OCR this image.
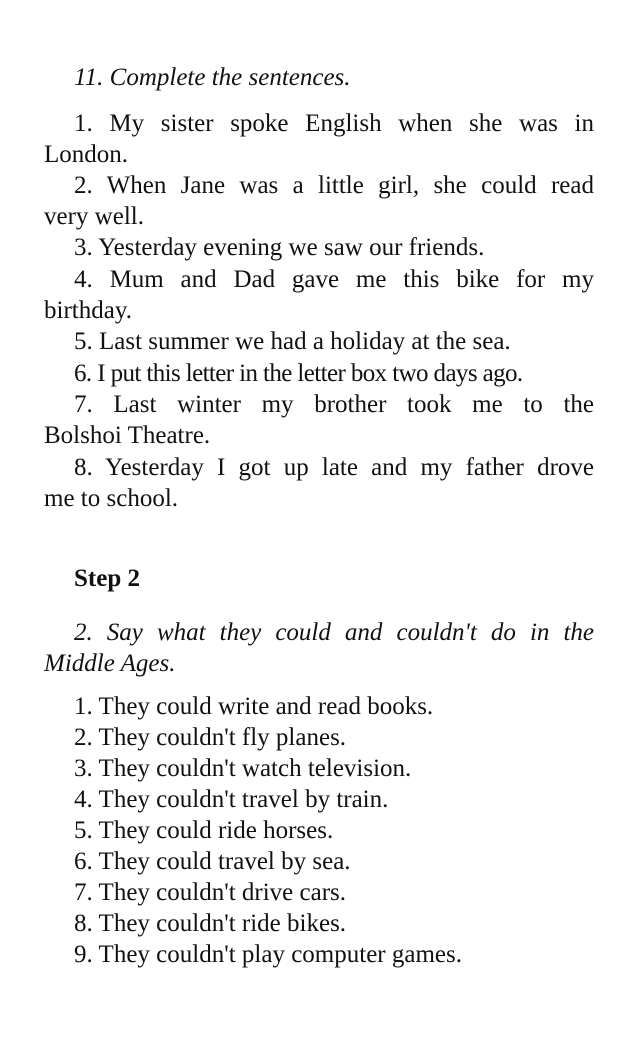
11. Complete the sentences.
1. My sister spoke English when she was in
London.
2. When Jane was a little girl, she could read
very well.
3. Yesterday evening we saw our friends.
4. Mum and Dad gave me this bike for my
birthday.
5. Last summer we had a holiday at the sea.
6. I put this letter in the letter box two days ago.
7. Last winter my brother took me to the
Bolshoi Theatre.
8. Yesterday I got up late and my father drove
me to school.
Step 2
2. Say what they could and couldn't do in the
Middle Ages.
1. They could write and read books.
2. They couldn't fly planes.
3. They couldn't watch television.
4. They couldn't travel by train.
5. They could ride horses.
6. They could travel by sea.
7. They couldn't drive cars.
8. They couldn't ride bikes.
9. They couldn't play computer games.
